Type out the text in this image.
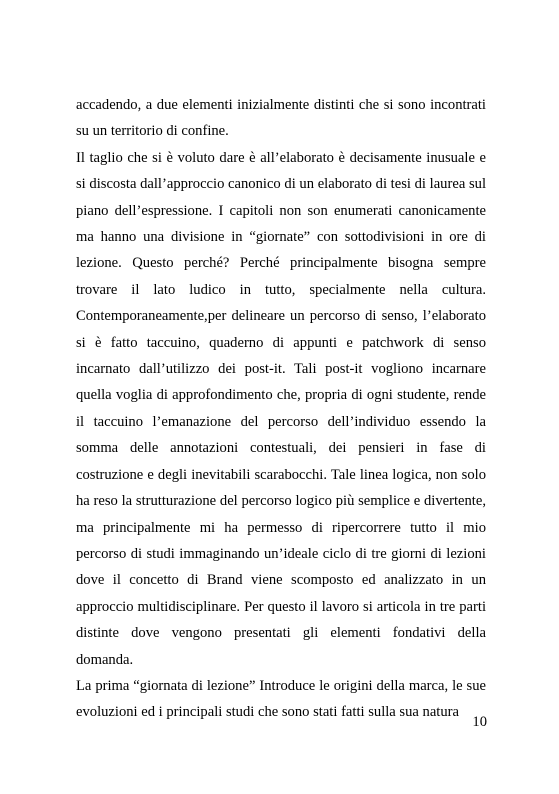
accadendo, a due elementi inizialmente distinti che si sono incontrati su un territorio di confine.

Il taglio che si è voluto dare è all’elaborato è decisamente inusuale e si discosta dall’approccio canonico di un elaborato di tesi di laurea sul piano dell’espressione. I capitoli non son enumerati canonicamente ma hanno una divisione in “giornate” con sottodivisioni in ore di lezione. Questo perché? Perché principalmente bisogna sempre trovare il lato ludico in tutto, specialmente nella cultura. Contemporaneamente,per delineare un percorso di senso, l’elaborato si è fatto taccuino, quaderno di appunti e patchwork di senso incarnato dall’utilizzo dei post-it. Tali post-it vogliono incarnare quella voglia di approfondimento che, propria di ogni studente, rende il taccuino l’emanazione del percorso dell’individuo essendo la somma delle annotazioni contestuali, dei pensieri in fase di costruzione e degli inevitabili scarabocchi. Tale linea logica, non solo ha reso la strutturazione del percorso logico più semplice e divertente, ma principalmente mi ha permesso di ripercorrere tutto il mio percorso di studi immaginando un’ideale ciclo di tre giorni di lezioni dove il concetto di Brand viene scomposto ed analizzato in un approccio multidisciplinare. Per questo il lavoro si articola in tre parti distinte dove vengono presentati gli elementi fondativi della domanda.

La prima “giornata di lezione” Introduce le origini della marca, le sue evoluzioni ed i principali studi che sono stati fatti sulla sua natura

10
